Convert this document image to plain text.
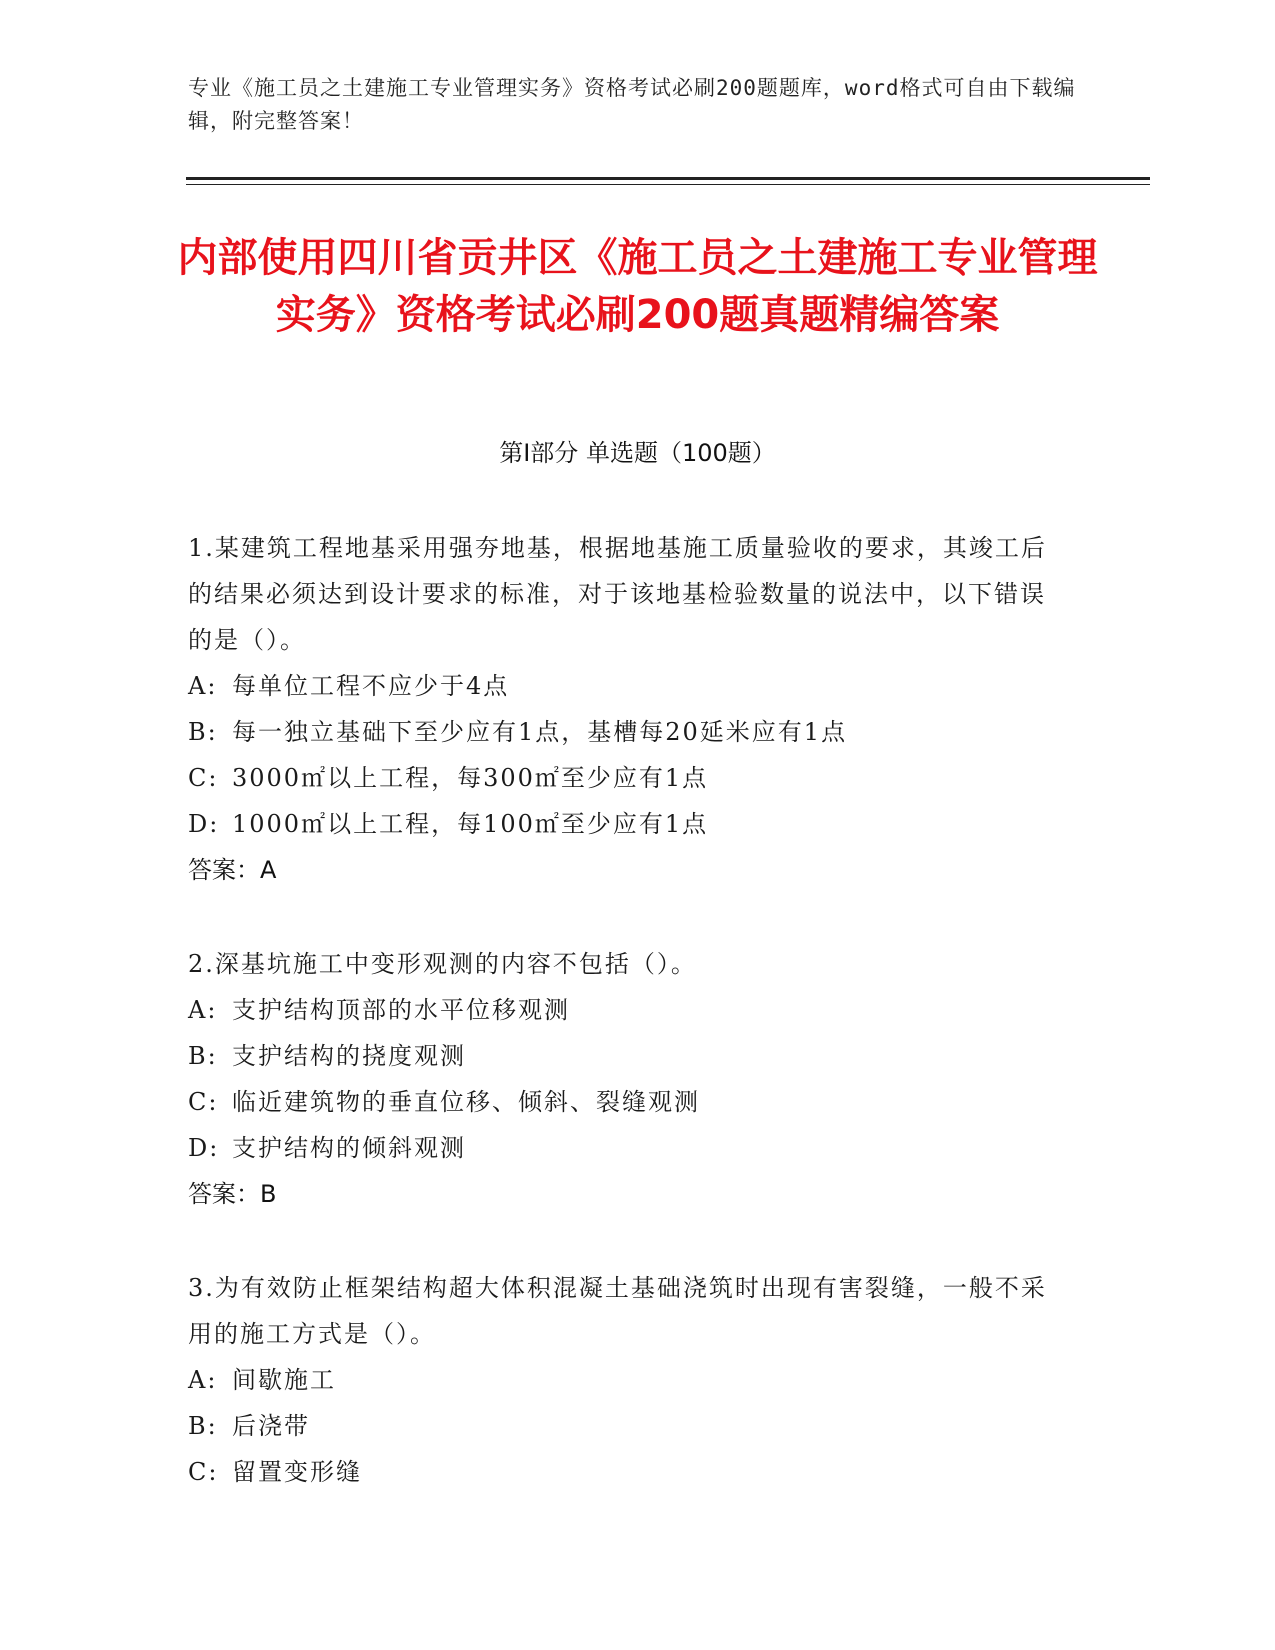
专业《施工员之土建施工专业管理实务》资格考试必刷200题题库，word格式可自由下载编辑，附完整答案！
内部使用四川省贡井区《施工员之土建施工专业管理实务》资格考试必刷200题真题精编答案
第Ⅰ部分 单选题（100题）

1.某建筑工程地基采用强夯地基，根据地基施工质量验收的要求，其竣工后的结果必须达到设计要求的标准，对于该地基检验数量的说法中，以下错误的是（）。

A: 每单位工程不应少于4点

B: 每一独立基础下至少应有1点，基槽每20延米应有1点

C: 3000㎡以上工程，每300㎡至少应有1点

D: 1000㎡以上工程，每100㎡至少应有1点

答案：A

2.深基坑施工中变形观测的内容不包括（）。

A: 支护结构顶部的水平位移观测

B: 支护结构的挠度观测

C: 临近建筑物的垂直位移、倾斜、裂缝观测

D: 支护结构的倾斜观测

答案：B

3.为有效防止框架结构超大体积混凝土基础浇筑时出现有害裂缝，一般不采用的施工方式是（）。

A: 间歇施工

B: 后浇带

C: 留置变形缝
